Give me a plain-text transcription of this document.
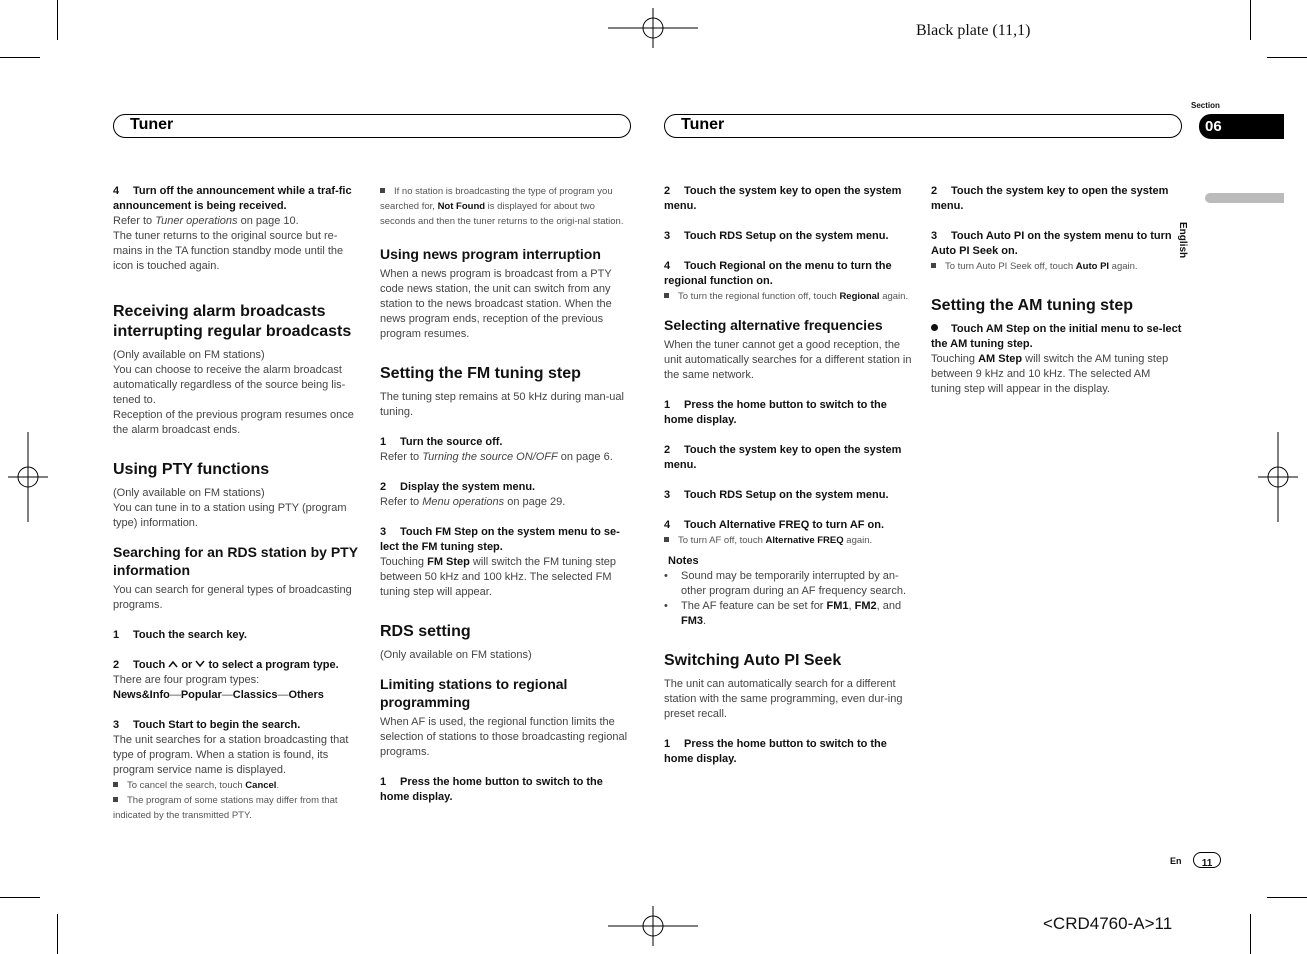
Black plate (11,1)
<CRD4760-A>11
Tuner	Tuner
Section
06
English
En	11

4 Turn off the announcement while a traf-fic announcement is being received.

Refer to Tuner operations on page 10.

The tuner returns to the original source but re-mains in the TA function standby mode until the icon is touched again.

Receiving alarm broadcasts interrupting regular broadcasts

(Only available on FM stations)

You can choose to receive the alarm broadcast automatically regardless of the source being lis-tened to.

Reception of the previous program resumes once the alarm broadcast ends.

Using PTY functions

(Only available on FM stations)

You can tune in to a station using PTY (program type) information.

Searching for an RDS station by PTY information

You can search for general types of broadcasting programs.

1 Touch the search key.

2 Touch or to select a program type.

There are four program types:

News&Info—Popular—Classics—Others

3 Touch Start to begin the search.

The unit searches for a station broadcasting that type of program. When a station is found, its program service name is displayed.

To cancel the search, touch Cancel.

The program of some stations may differ from that indicated by the transmitted PTY.

If no station is broadcasting the type of program you searched for, Not Found is displayed for about two seconds and then the tuner returns to the origi-nal station.

Using news program interruption

When a news program is broadcast from a PTY code news station, the unit can switch from any station to the news broadcast station. When the news program ends, reception of the previous program resumes.

Setting the FM tuning step

The tuning step remains at 50 kHz during man-ual tuning.

1 Turn the source off.

Refer to Turning the source ON/OFF on page 6.

2 Display the system menu.

Refer to Menu operations on page 29.

3 Touch FM Step on the system menu to se-lect the FM tuning step.

Touching FM Step will switch the FM tuning step between 50 kHz and 100 kHz. The selected FM tuning step will appear.

RDS setting

(Only available on FM stations)

Limiting stations to regional programming

When AF is used, the regional function limits the selection of stations to those broadcasting regional programs.

1 Press the home button to switch to the home display.

2 Touch the system key to open the system menu.

3 Touch RDS Setup on the system menu.

4 Touch Regional on the menu to turn the regional function on.

To turn the regional function off, touch Regional again.

Selecting alternative frequencies

When the tuner cannot get a good reception, the unit automatically searches for a different station in the same network.

1 Press the home button to switch to the home display.

2 Touch the system key to open the system menu.

3 Touch RDS Setup on the system menu.

4 Touch Alternative FREQ to turn AF on.

To turn AF off, touch Alternative FREQ again.

Notes

• Sound may be temporarily interrupted by an-other program during an AF frequency search.

• The AF feature can be set for FM1, FM2, and FM3.

Switching Auto PI Seek

The unit can automatically search for a different station with the same programming, even dur-ing preset recall.

1 Press the home button to switch to the home display.

2 Touch the system key to open the system menu.

3 Touch Auto PI on the system menu to turn Auto PI Seek on.

To turn Auto PI Seek off, touch Auto PI again.

Setting the AM tuning step

Touch AM Step on the initial menu to se-lect the AM tuning step.

Touching AM Step will switch the AM tuning step between 9 kHz and 10 kHz. The selected AM tuning step will appear in the display.
